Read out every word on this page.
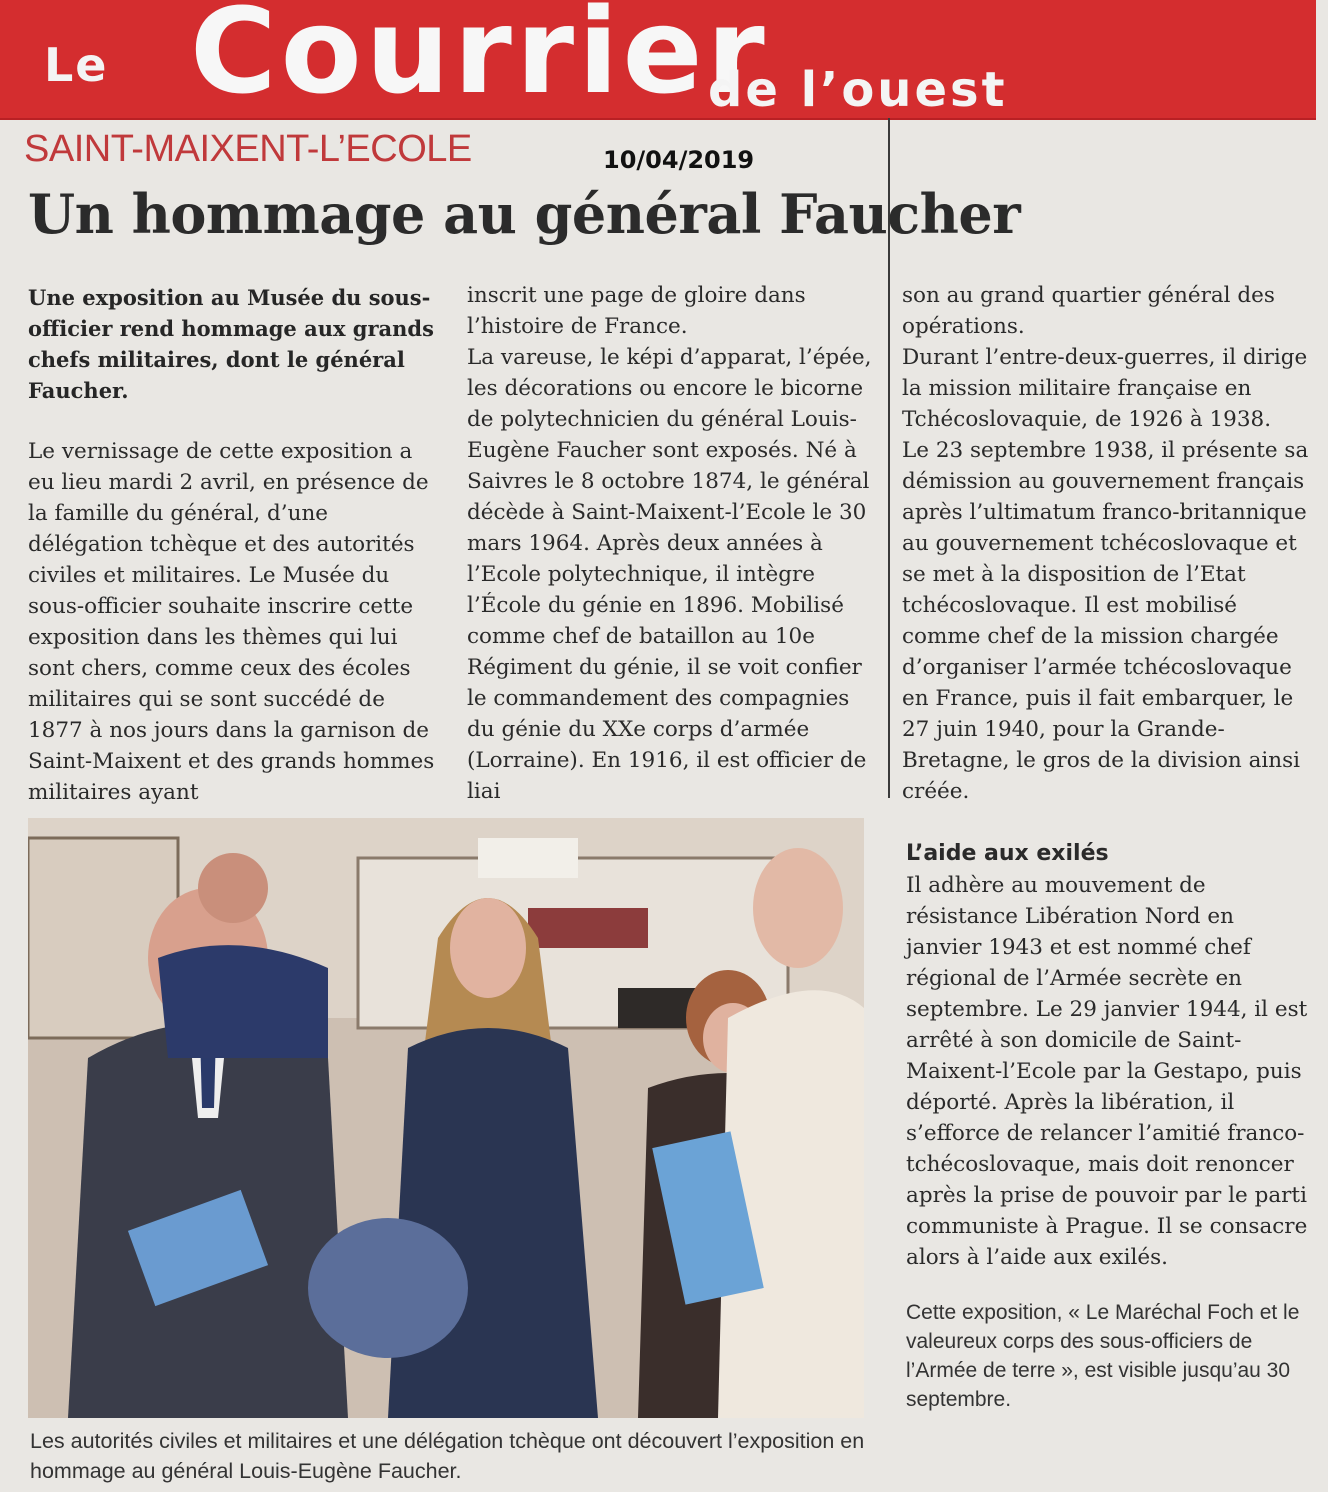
Le Courrier
de l’ouest
SAINT-MAIXENT-L’ECOLE	10/04/2019
Un hommage au général Faucher

Une exposition au Musée du sous-officier rend hommage aux grands chefs militaires, dont le général Faucher.

Le vernissage de cette exposition a eu lieu mardi 2 avril, en présence de la famille du général, d’une délégation tchèque et des autorités civiles et militaires. Le Musée du sous-officier souhaite inscrire cette exposition dans les thèmes qui lui sont chers, comme ceux des écoles militaires qui se sont succédé de 1877 à nos jours dans la garnison de Saint-Maixent et des grands hommes militaires ayant

inscrit une page de gloire dans l’histoire de France.

La vareuse, le képi d’apparat, l’épée, les décorations ou encore le bicorne de polytechnicien du général Louis-Eugène Faucher sont exposés. Né à Saivres le 8 octobre 1874, le général décède à Saint-Maixent-l’Ecole le 30 mars 1964. Après deux années à l’Ecole polytechnique, il intègre l’École du génie en 1896. Mobilisé comme chef de bataillon au 10e Régiment du génie, il se voit confier le commandement des compagnies du génie du XXe corps d’armée (Lorraine). En 1916, il est officier de liai

son au grand quartier général des opérations.

Durant l’entre-deux-guerres, il dirige la mission militaire française en Tchécoslovaquie, de 1926 à 1938.

Le 23 septembre 1938, il présente sa démission au gouvernement français après l’ultimatum franco-britannique au gouvernement tchécoslovaque et se met à la disposition de l’Etat tchécoslovaque. Il est mobilisé comme chef de la mission chargée d’organiser l’armée tchécoslovaque en France, puis il fait embarquer, le 27 juin 1940, pour la Grande-Bretagne, le gros de la division ainsi créée.

L’aide aux exilés

Il adhère au mouvement de résistance Libération Nord en janvier 1943 et est nommé chef régional de l’Armée secrète en septembre. Le 29 janvier 1944, il est arrêté à son domicile de Saint-Maixent-l’Ecole par la Gestapo, puis déporté. Après la libération, il s’efforce de relancer l’amitié franco-tchécoslovaque, mais doit renoncer après la prise de pouvoir par le parti communiste à Prague. Il se consacre alors à l’aide aux exilés.

Cette exposition, « Le Maréchal Foch et le valeureux corps des sous-officiers de l’Armée de terre », est visible jusqu’au 30 septembre.
Les autorités civiles et militaires et une délégation tchèque ont découvert l’exposition en hommage au général Louis-Eugène Faucher.
